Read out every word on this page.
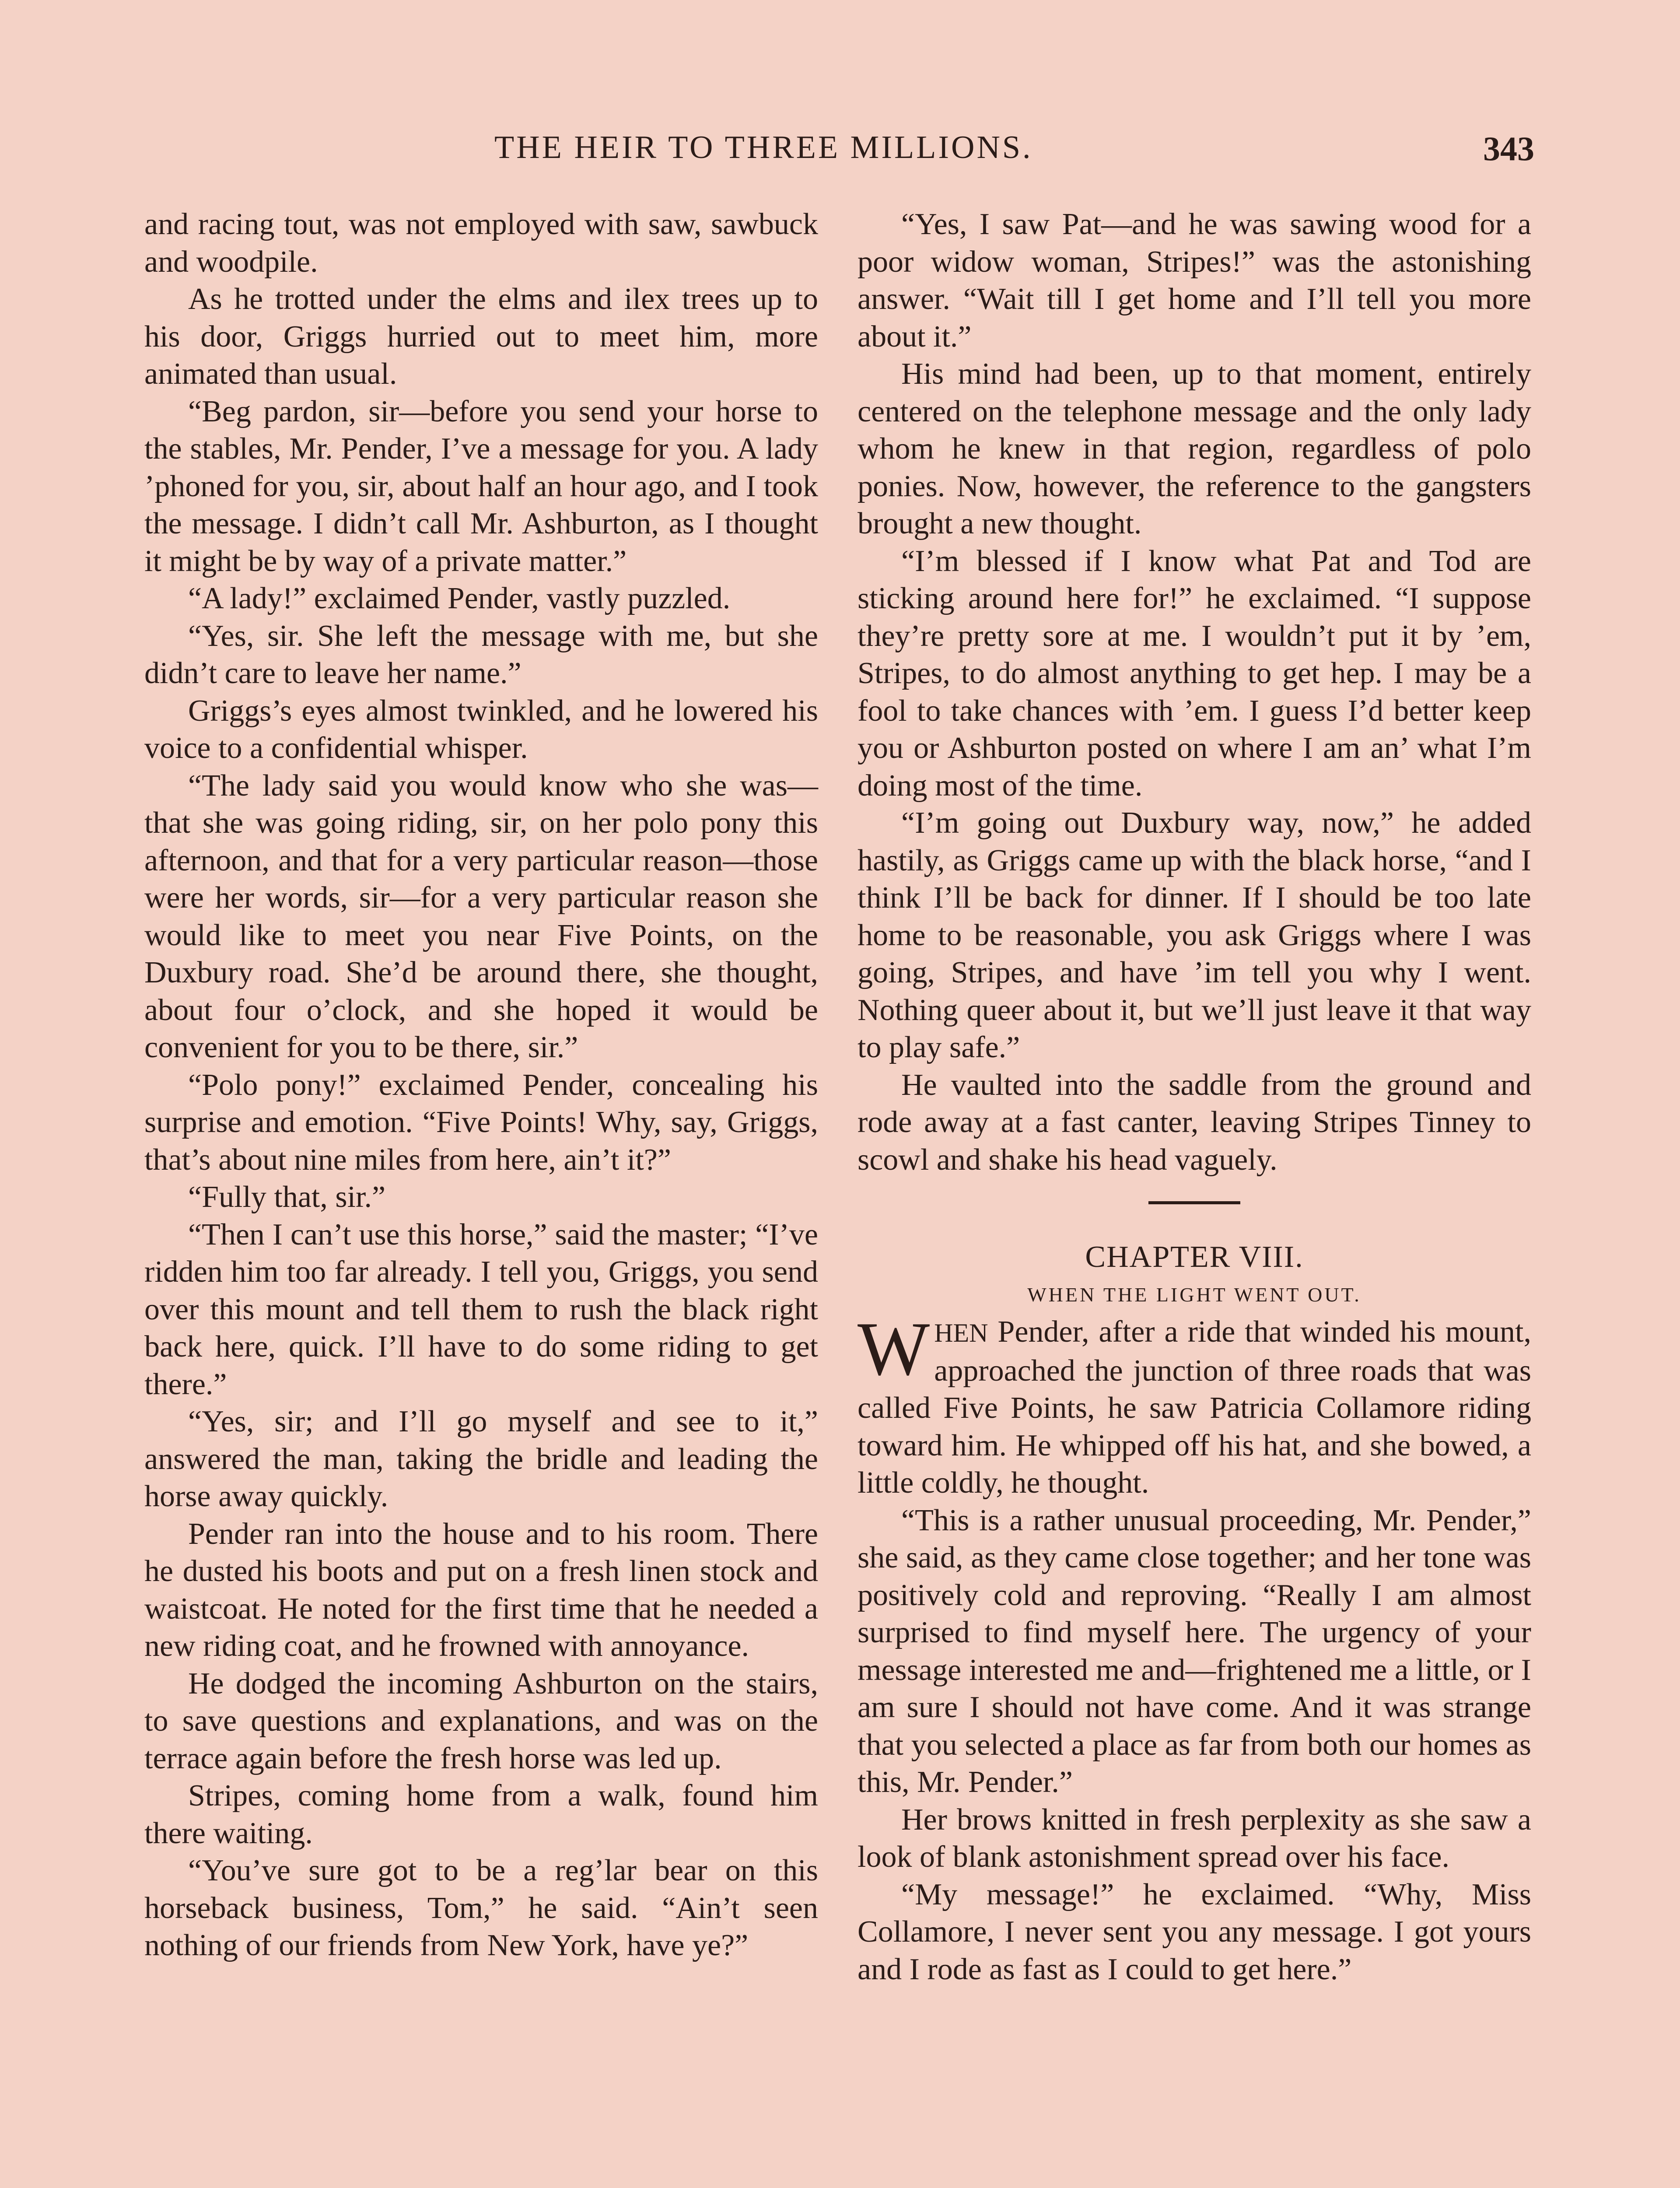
THE HEIR TO THREE MILLIONS.	343

and racing tout, was not employed with saw, sawbuck and woodpile.

As he trotted under the elms and ilex trees up to his door, Griggs hurried out to meet him, more animated than usual.

“Beg pardon, sir—before you send your horse to the stables, Mr. Pender, I’ve a message for you. A lady ’phoned for you, sir, about half an hour ago, and I took the message. I didn’t call Mr. Ashburton, as I thought it might be by way of a private matter.”

“A lady!” exclaimed Pender, vastly puzzled.

“Yes, sir. She left the message with me, but she didn’t care to leave her name.”

Griggs’s eyes almost twinkled, and he lowered his voice to a confidential whisper.

“The lady said you would know who she was—that she was going riding, sir, on her polo pony this afternoon, and that for a very particular reason—those were her words, sir—for a very particular reason she would like to meet you near Five Points, on the Duxbury road. She’d be around there, she thought, about four o’clock, and she hoped it would be convenient for you to be there, sir.”

“Polo pony!” exclaimed Pender, concealing his surprise and emotion. “Five Points! Why, say, Griggs, that’s about nine miles from here, ain’t it?”

“Fully that, sir.”

“Then I can’t use this horse,” said the master; “I’ve ridden him too far already. I tell you, Griggs, you send over this mount and tell them to rush the black right back here, quick. I’ll have to do some riding to get there.”

“Yes, sir; and I’ll go myself and see to it,” answered the man, taking the bridle and leading the horse away quickly.

Pender ran into the house and to his room. There he dusted his boots and put on a fresh linen stock and waistcoat. He noted for the first time that he needed a new riding coat, and he frowned with annoyance.

He dodged the incoming Ashburton on the stairs, to save questions and explanations, and was on the terrace again before the fresh horse was led up.

Stripes, coming home from a walk, found him there waiting.

“You’ve sure got to be a reg’lar bear on this horseback business, Tom,” he said. “Ain’t seen nothing of our friends from New York, have ye?”

“Yes, I saw Pat—and he was sawing wood for a poor widow woman, Stripes!” was the astonishing answer. “Wait till I get home and I’ll tell you more about it.”

His mind had been, up to that moment, entirely centered on the telephone message and the only lady whom he knew in that region, regardless of polo ponies. Now, however, the reference to the gangsters brought a new thought.

“I’m blessed if I know what Pat and Tod are sticking around here for!” he exclaimed. “I suppose they’re pretty sore at me. I wouldn’t put it by ’em, Stripes, to do almost anything to get hep. I may be a fool to take chances with ’em. I guess I’d better keep you or Ashburton posted on where I am an’ what I’m doing most of the time.

“I’m going out Duxbury way, now,” he added hastily, as Griggs came up with the black horse, “and I think I’ll be back for dinner. If I should be too late home to be reasonable, you ask Griggs where I was going, Stripes, and have ’im tell you why I went. Nothing queer about it, but we’ll just leave it that way to play safe.”

He vaulted into the saddle from the ground and rode away at a fast canter, leaving Stripes Tinney to scowl and shake his head vaguely.

CHAPTER VIII.

WHEN THE LIGHT WENT OUT.

WHEN Pender, after a ride that winded his mount, approached the junction of three roads that was called Five Points, he saw Patricia Collamore riding toward him. He whipped off his hat, and she bowed, a little coldly, he thought.

“This is a rather unusual proceeding, Mr. Pender,” she said, as they came close together; and her tone was positively cold and reproving. “Really I am almost surprised to find myself here. The urgency of your message interested me and—frightened me a little, or I am sure I should not have come. And it was strange that you selected a place as far from both our homes as this, Mr. Pender.”

Her brows knitted in fresh perplexity as she saw a look of blank astonishment spread over his face.

“My message!” he exclaimed. “Why, Miss Collamore, I never sent you any message. I got yours and I rode as fast as I could to get here.”
